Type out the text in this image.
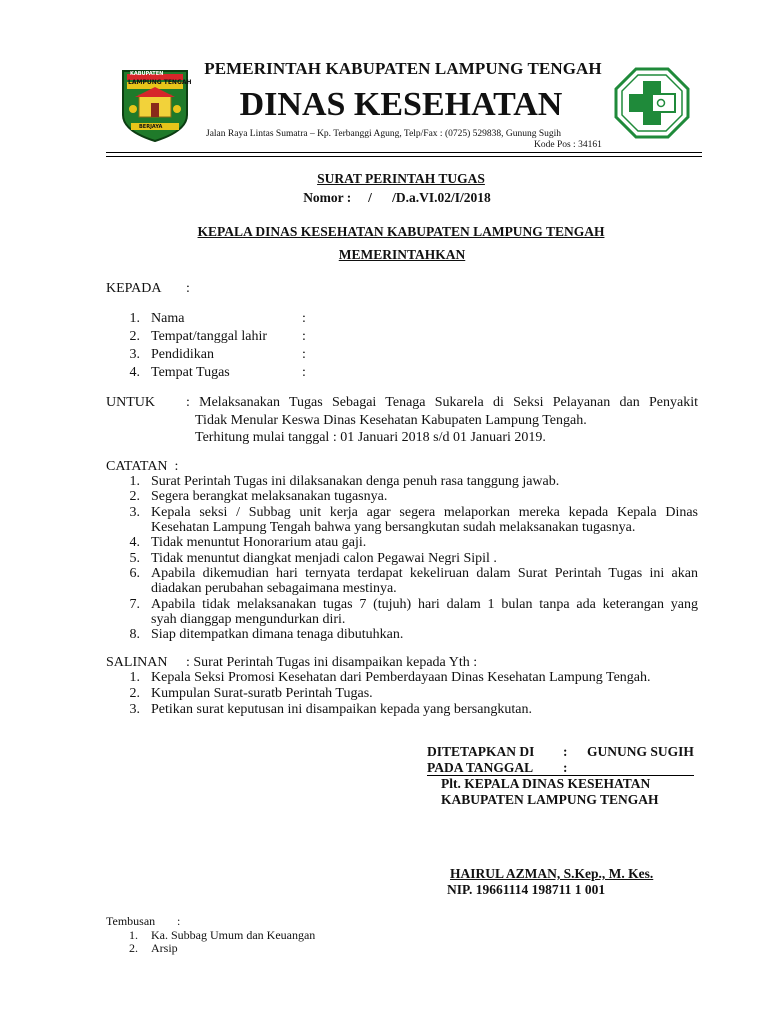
KABUPATEN
LAMPUNG TENGAH
BERJAYA
PEMERINTAH KABUPATEN LAMPUNG TENGAH
DINAS KESEHATAN
Jalan Raya Lintas Sumatra – Kp. Terbanggi Agung, Telp/Fax : (0725) 529838, Gunung Sugih
Kode Pos : 34161
SURAT PERINTAH TUGAS
Nomor :     /      /D.a.VI.02/I/2018
KEPALA DINAS KESEHATAN KABUPATEN LAMPUNG TENGAH
MEMERINTAHKAN
KEPADA :
1. Nama	:
2. Tempat/tanggal lahir :
3. Pendidikan	:
4. Tempat Tugas	:
UNTUK : Melaksanakan Tugas Sebagai Tenaga Sukarela di Seksi Pelayanan dan Penyakit
Tidak Menular Keswa Dinas Kesehatan Kabupaten Lampung Tengah.
Terhitung mulai tanggal : 01 Januari 2018 s/d 01 Januari 2019.
CATATAN  :
1. Surat Perintah Tugas ini dilaksanakan denga penuh rasa tanggung jawab.
2. Segera berangkat melaksanakan tugasnya.
3. Kepala seksi / Subbag unit kerja agar segera melaporkan mereka kepada Kepala Dinas
Kesehatan Lampung Tengah bahwa yang bersangkutan sudah melaksanakan tugasnya.
4. Tidak menuntut Honorarium atau gaji.
5. Tidak menuntut diangkat menjadi calon Pegawai Negri Sipil .
6. Apabila dikemudian hari ternyata terdapat kekeliruan dalam Surat Perintah Tugas ini akan
diadakan perubahan sebagaimana mestinya.
7. Apabila tidak melaksanakan tugas 7 (tujuh) hari dalam 1 bulan tanpa ada keterangan yang
syah dianggap mengundurkan diri.
8. Siap ditempatkan dimana tenaga dibutuhkan.
SALINAN : Surat Perintah Tugas ini disampaikan kepada Yth :
1. Kepala Seksi Promosi Kesehatan dari Pemberdayaan Dinas Kesehatan Lampung Tengah.
2. Kumpulan Surat-suratb Perintah Tugas.
3. Petikan surat keputusan ini disampaikan kepada yang bersangkutan.
DITETAPKAN DI : GUNUNG SUGIH
PADA TANGGAL :
Plt. KEPALA DINAS KESEHATAN
KABUPATEN LAMPUNG TENGAH
HAIRUL AZMAN, S.Kep., M. Kes.
NIP. 19661114 198711 1 001
Tembusan :
1. Ka. Subbag Umum dan Keuangan
2. Arsip
